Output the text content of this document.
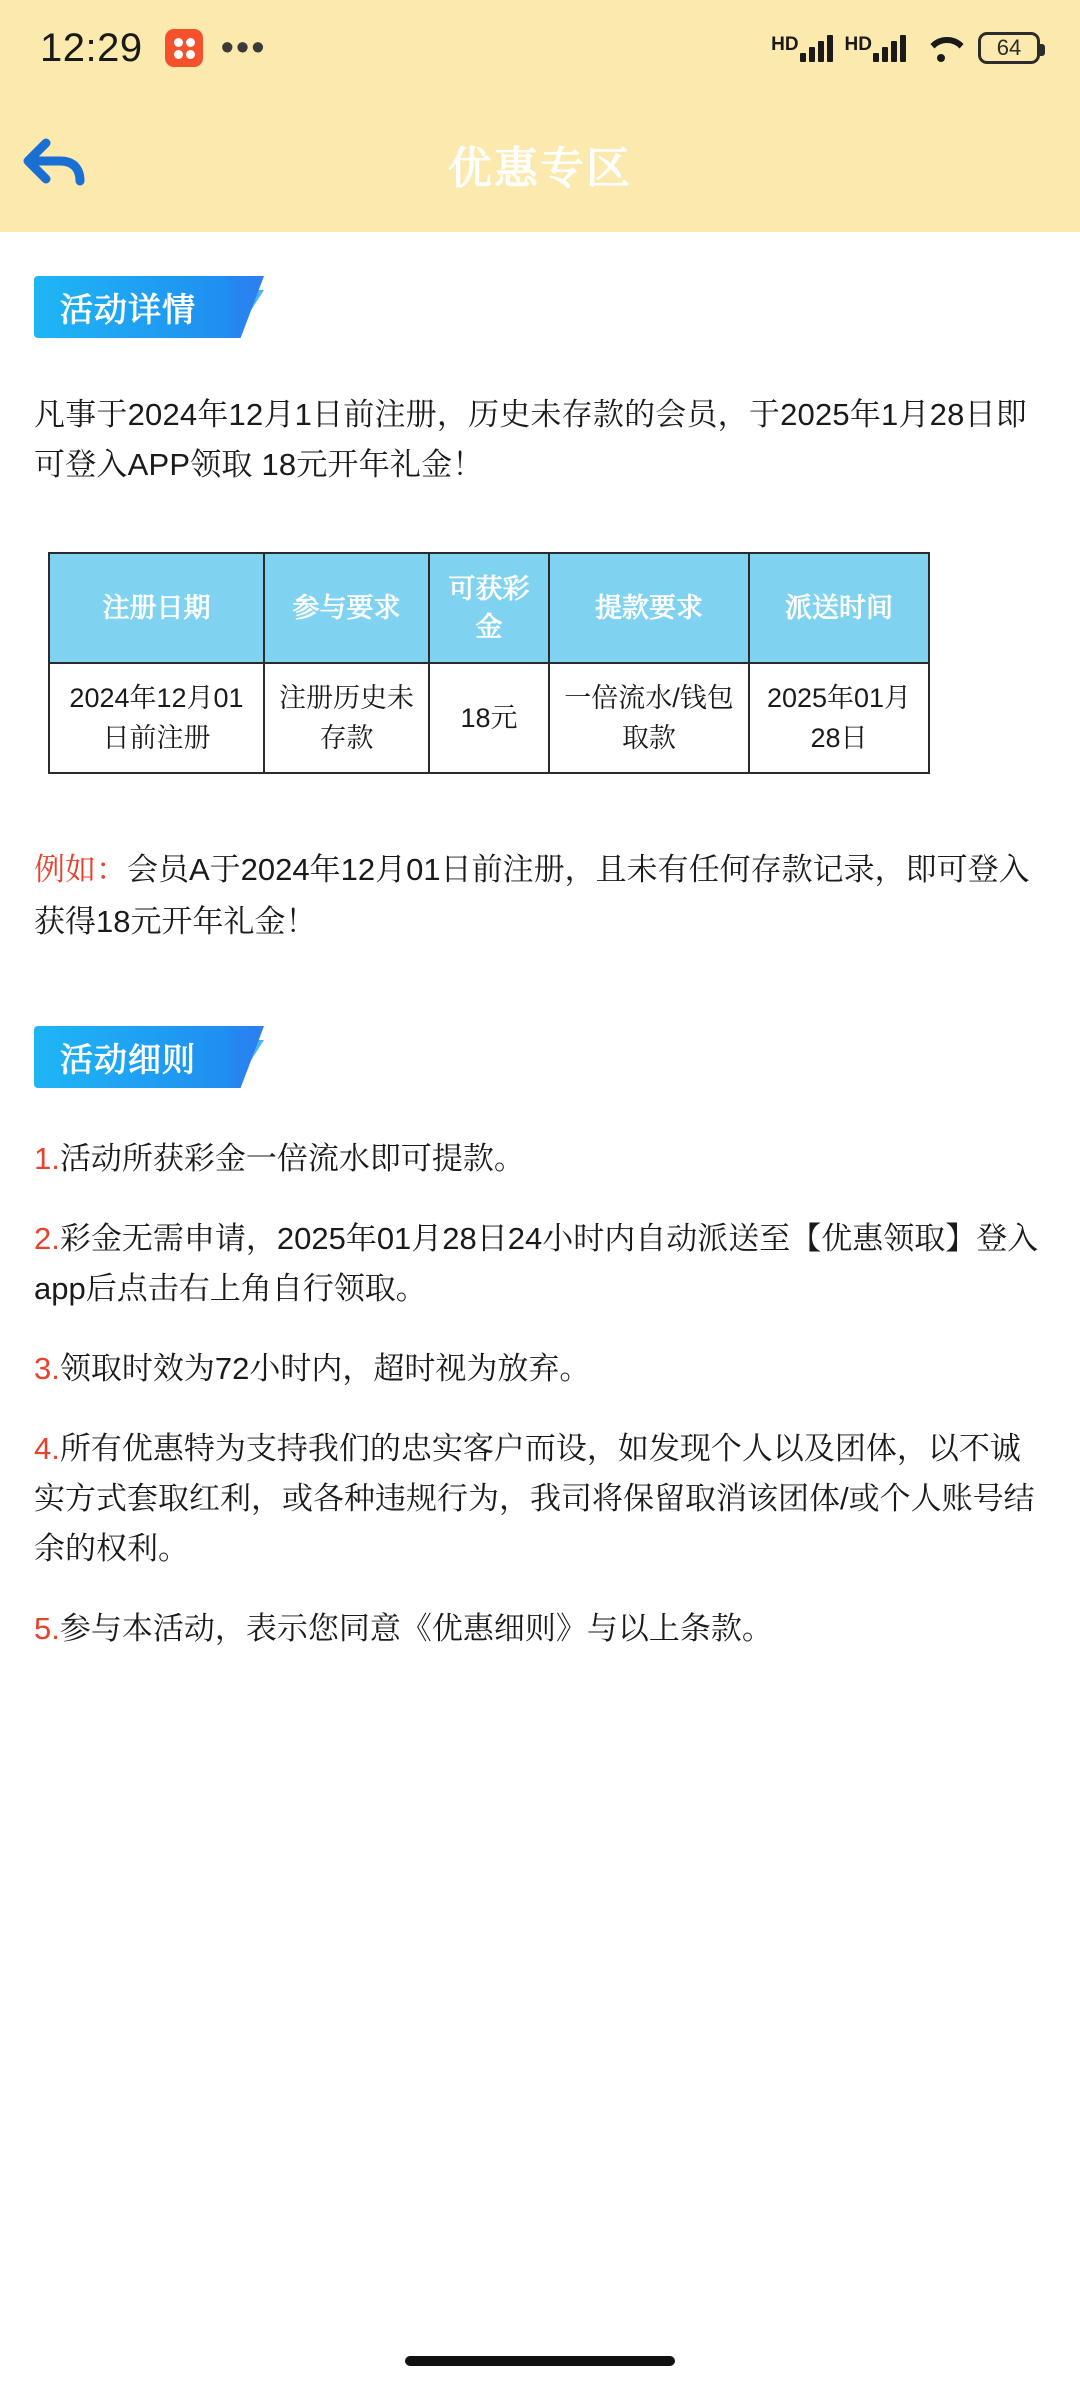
12:29 •••	HD HD	64
优惠专区
活动详情
凡事于2024年12月1日前注册，历史未存款的会员，于2025年1月28日即可登入APP领取 18元开年礼金！
注册日期	参与要求	可获彩金	提款要求	派送时间
2024年12月01日前注册	注册历史未存款	18元	一倍流水/钱包取款	2025年01月28日
例如：会员A于2024年12月01日前注册，且未有任何存款记录，即可登入获得18元开年礼金！
活动细则
1.活动所获彩金一倍流水即可提款。
2.彩金无需申请，2025年01月28日24小时内自动派送至【优惠领取】登入app后点击右上角自行领取。
3.领取时效为72小时内，超时视为放弃。
4.所有优惠特为支持我们的忠实客户而设，如发现个人以及团体，以不诚实方式套取红利，或各种违规行为，我司将保留取消该团体/或个人账号结余的权利。
5.参与本活动，表示您同意《优惠细则》与以上条款。
